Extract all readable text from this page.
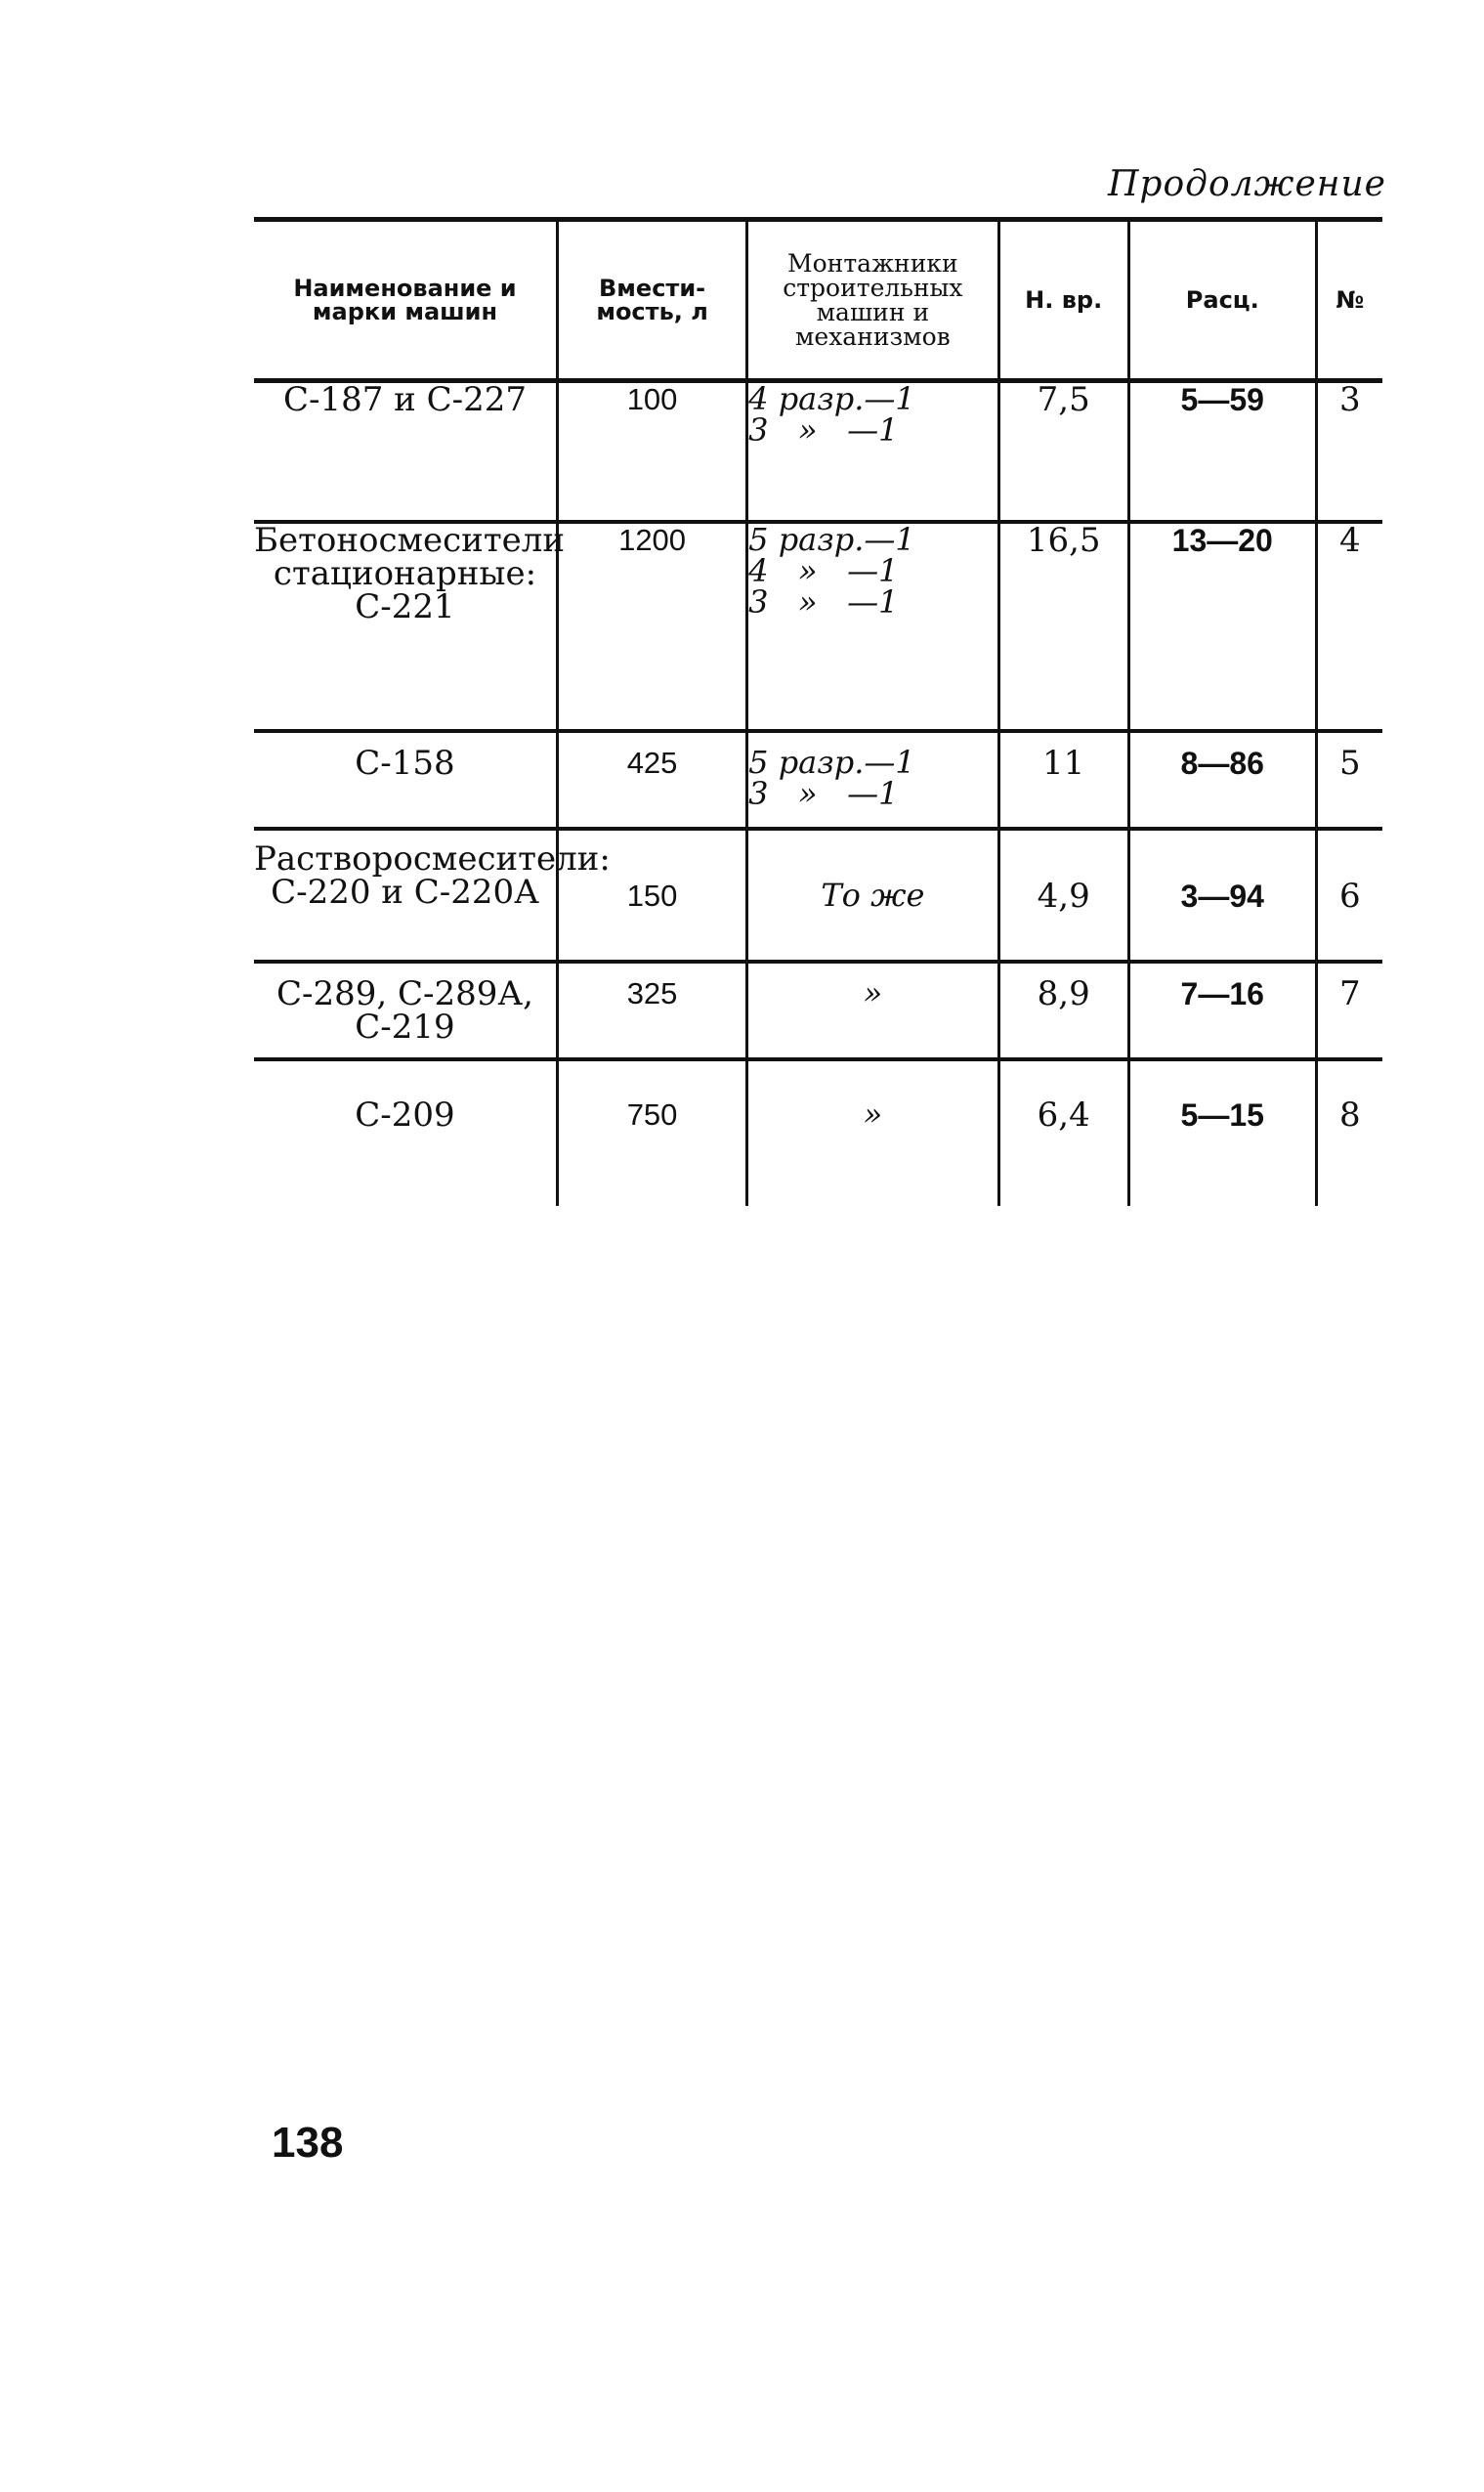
Продолжение
Наименование и марки машин	Вмести-мость, л	Монтажники строительных машин и механизмов	Н. вр.	Расц.	№

С-187 и С-227	100	4 разр.—1
3   »   —1	7,5	5—59	3

Бетоносмесители
стационарные:
С-221	1200	5 разр.—1
4   »   —1
3   »   —1	16,5	13—20	4

С-158	425	5 разр.—1
3   »   —1	11	8—86	5

Растворосмесители:
С-220 и С-220А	150	То же	4,9	3—94	6

С-289, С-289А,
С-219	325	»	8,9	7—16	7

С-209	750	»	6,4	5—15	8
138
